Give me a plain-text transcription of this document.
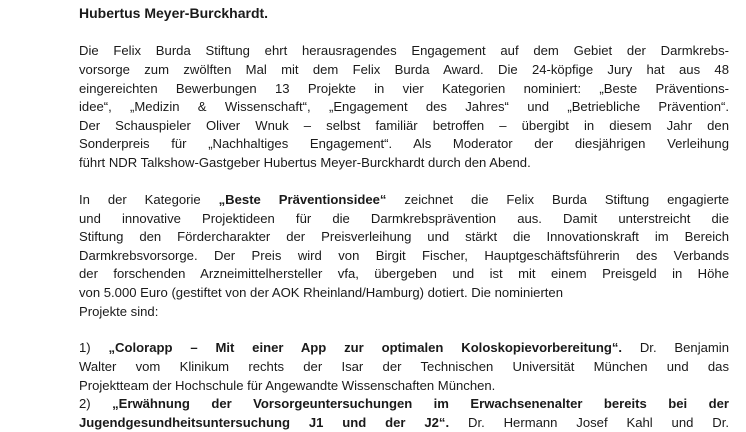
Hubertus Meyer-Burckhardt.
Die Felix Burda Stiftung ehrt herausragendes Engagement auf dem Gebiet der Darmkrebs-
vorsorge zum zwölften Mal mit dem Felix Burda Award. Die 24-köpfige Jury hat aus 48
eingereichten Bewerbungen 13 Projekte in vier Kategorien nominiert: „Beste Präventions-
idee“, „Medizin & Wissenschaft“, „Engagement des Jahres“ und „Betriebliche Prävention“.
Der Schauspieler Oliver Wnuk – selbst familiär betroffen – übergibt in diesem Jahr den
Sonderpreis für „Nachhaltiges Engagement“. Als Moderator der diesjährigen Verleihung
führt NDR Talkshow-Gastgeber Hubertus Meyer-Burckhardt durch den Abend.
In der Kategorie „Beste Präventionsidee“ zeichnet die Felix Burda Stiftung engagierte
und innovative Projektideen für die Darmkrebsprävention aus. Damit unterstreicht die
Stiftung den Fördercharakter der Preisverleihung und stärkt die Innovationskraft im Bereich
Darmkrebsvorsorge. Der Preis wird von Birgit Fischer, Hauptgeschäftsführerin des Verbands
der forschenden Arzneimittelhersteller vfa, übergeben und ist mit einem Preisgeld in Höhe
von 5.000 Euro (gestiftet von der AOK Rheinland/Hamburg) dotiert. Die nominierten
Projekte sind:
1) „Colorapp – Mit einer App zur optimalen Koloskopievorbereitung“. Dr. Benjamin
Walter vom Klinikum rechts der Isar der Technischen Universität München und das
Projektteam der Hochschule für Angewandte Wissenschaften München.
2) „Erwähnung der Vorsorgeuntersuchungen im Erwachsenenalter bereits bei der
Jugendgesundheitsuntersuchung J1 und der J2“. Dr. Hermann Josef Kahl und Dr.
